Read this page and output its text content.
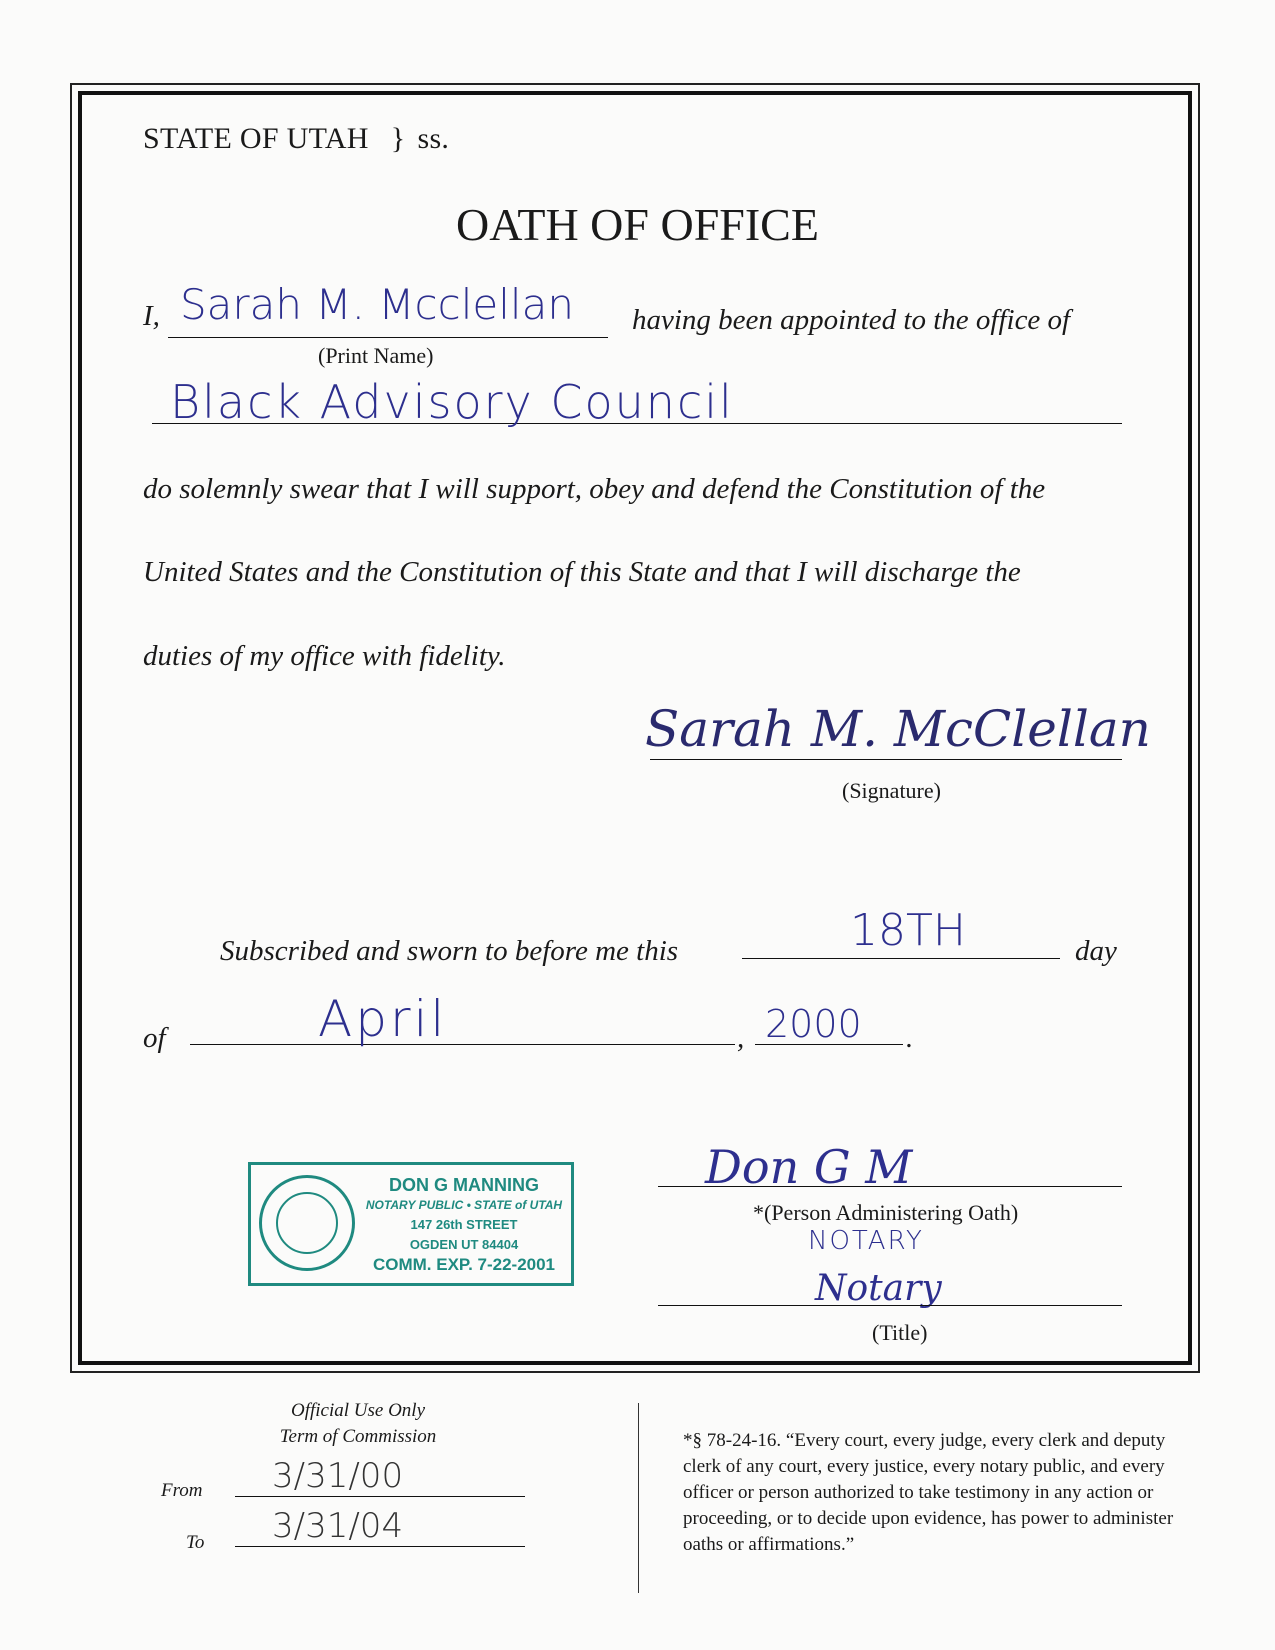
STATE OF UTAH } ss.
OATH OF OFFICE
I, Sarah M. Mcclellan
(Print Name)
having been appointed to the office of
Black Advisory Council
do solemnly swear that I will support, obey and defend the Constitution of the
United States and the Constitution of this State and that I will discharge the
duties of my office with fidelity.
Sarah M. McClellan
(Signature)
Subscribed and sworn to before me this	18TH	day
of	April	, 2000 .
DON G MANNING
NOTARY PUBLIC • STATE of UTAH
147 26th STREET
OGDEN UT 84404
COMM. EXP. 7-22-2001
Don G M
*(Person Administering Oath)
NOTARY
Notary
(Title)
Official Use Only
Term of Commission
From 3/31/00
To 3/31/04
*§ 78-24-16. “Every court, every judge, every clerk and deputy clerk of any court, every justice, every notary public, and every officer or person authorized to take testimony in any action or proceeding, or to decide upon evidence, has power to administer oaths or affirmations.”
